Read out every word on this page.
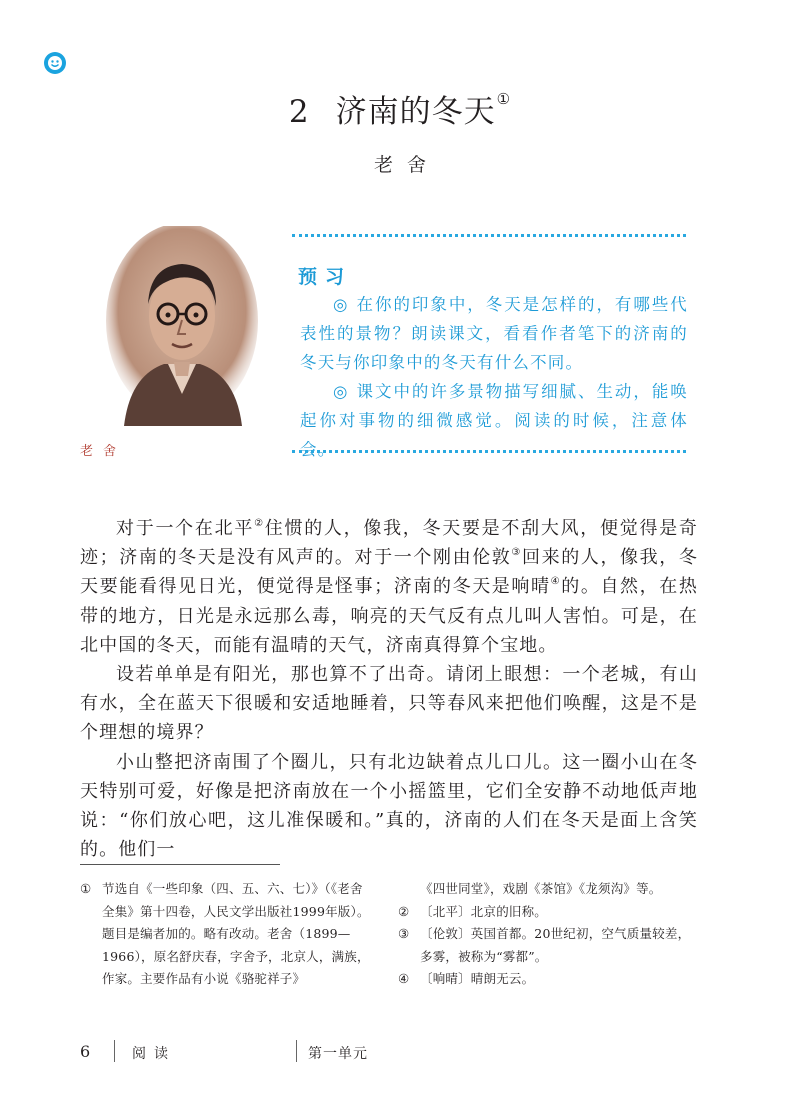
2 济南的冬天①
老舍
老舍
预习

◎ 在你的印象中，冬天是怎样的，有哪些代表性的景物？朗读课文，看看作者笔下的济南的冬天与你印象中的冬天有什么不同。

◎ 课文中的许多景物描写细腻、生动，能唤起你对事物的细微感觉。阅读的时候，注意体会。

对于一个在北平②住惯的人，像我，冬天要是不刮大风，便觉得是奇迹；济南的冬天是没有风声的。对于一个刚由伦敦③回来的人，像我，冬天要能看得见日光，便觉得是怪事；济南的冬天是响晴④的。自然，在热带的地方，日光是永远那么毒，响亮的天气反有点儿叫人害怕。可是，在北中国的冬天，而能有温晴的天气，济南真得算个宝地。

设若单单是有阳光，那也算不了出奇。请闭上眼想：一个老城，有山有水，全在蓝天下很暖和安适地睡着，只等春风来把他们唤醒，这是不是个理想的境界？

小山整把济南围了个圈儿，只有北边缺着点儿口儿。这一圈小山在冬天特别可爱，好像是把济南放在一个小摇篮里，它们全安静不动地低声地说：“你们放心吧，这儿准保暖和。”真的，济南的人们在冬天是面上含笑的。他们一

① 节选自《一些印象（四、五、六、七）》（《老舍全集》第十四卷，人民文学出版社1999年版）。题目是编者加的。略有改动。老舍（1899—1966），原名舒庆春，字舍予，北京人，满族，作家。主要作品有小说《骆驼祥子》
《四世同堂》，戏剧《茶馆》《龙须沟》等。
② 〔北平〕北京的旧称。
③ 〔伦敦〕英国首都。20世纪初，空气质量较差，多雾，被称为“雾都”。
④ 〔响晴〕晴朗无云。
6	阅读	第一单元
